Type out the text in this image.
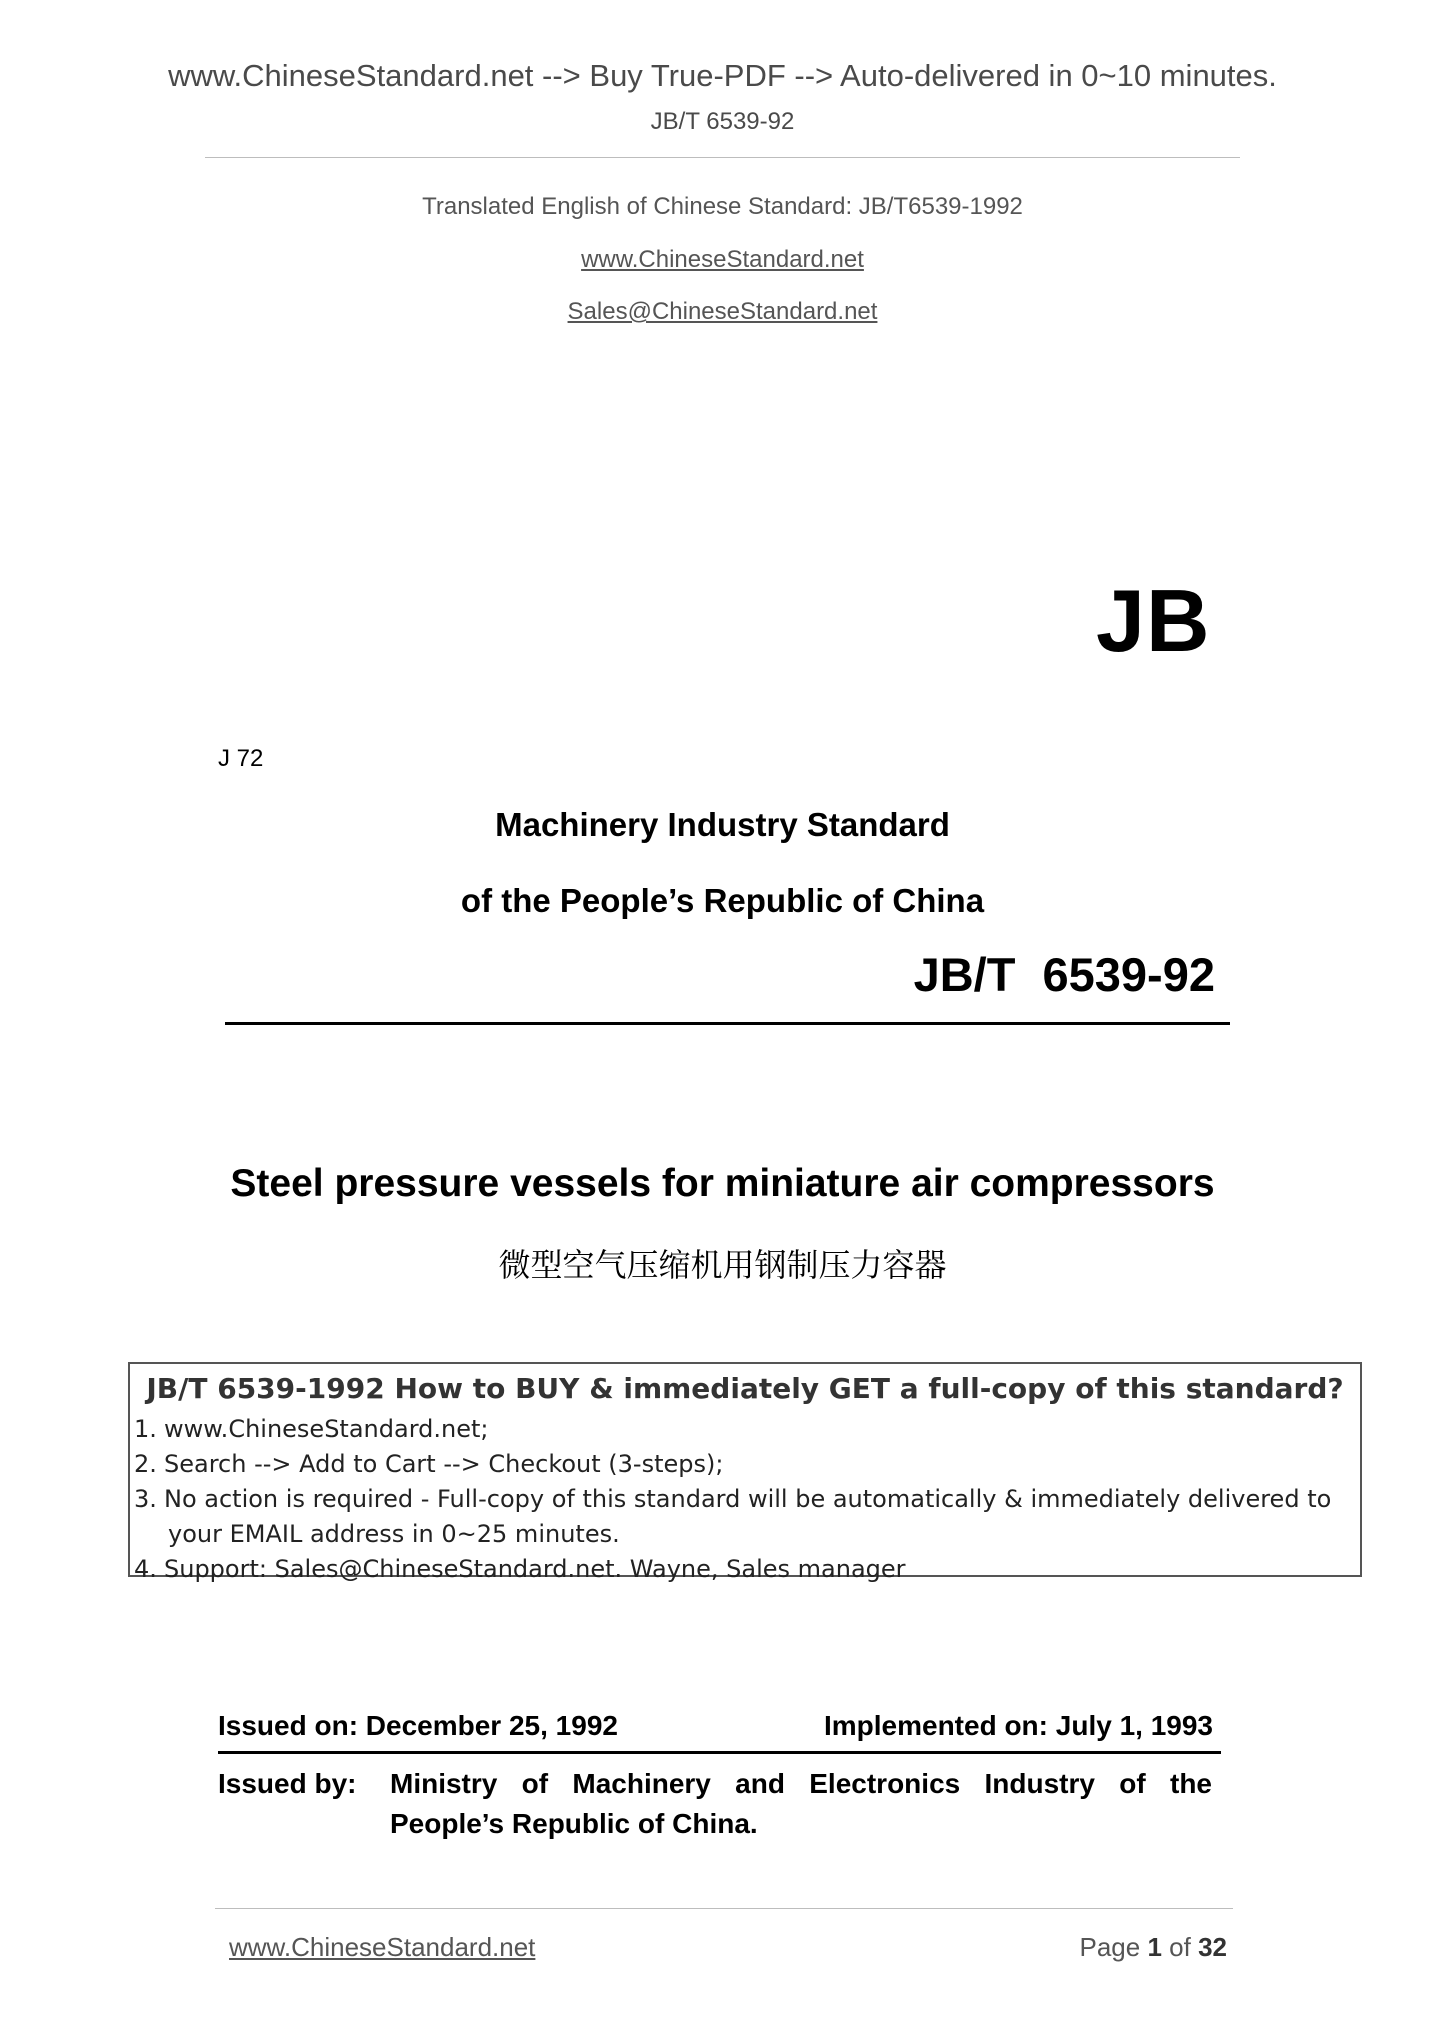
www.ChineseStandard.net --> Buy True-PDF --> Auto-delivered in 0~10 minutes.
JB/T 6539-92
Translated English of Chinese Standard: JB/T6539-1992
www.ChineseStandard.net
Sales@ChineseStandard.net
JB
J 72
Machinery Industry Standard
of the People’s Republic of China
JB/T 6539-92
Steel pressure vessels for miniature air compressors
微型空气压缩机用钢制压力容器
JB/T 6539-1992 How to BUY & immediately GET a full-copy of this standard?
1. www.ChineseStandard.net;
2. Search --> Add to Cart --> Checkout (3-steps);
3. No action is required - Full-copy of this standard will be automatically & immediately delivered to
your EMAIL address in 0~25 minutes.
4. Support: Sales@ChineseStandard.net. Wayne, Sales manager
Issued on: December 25, 1992	Implemented on: July 1, 1993
Issued by: Ministry of Machinery and Electronics Industry of the
People’s Republic of China.
www.ChineseStandard.net	Page 1 of 32
